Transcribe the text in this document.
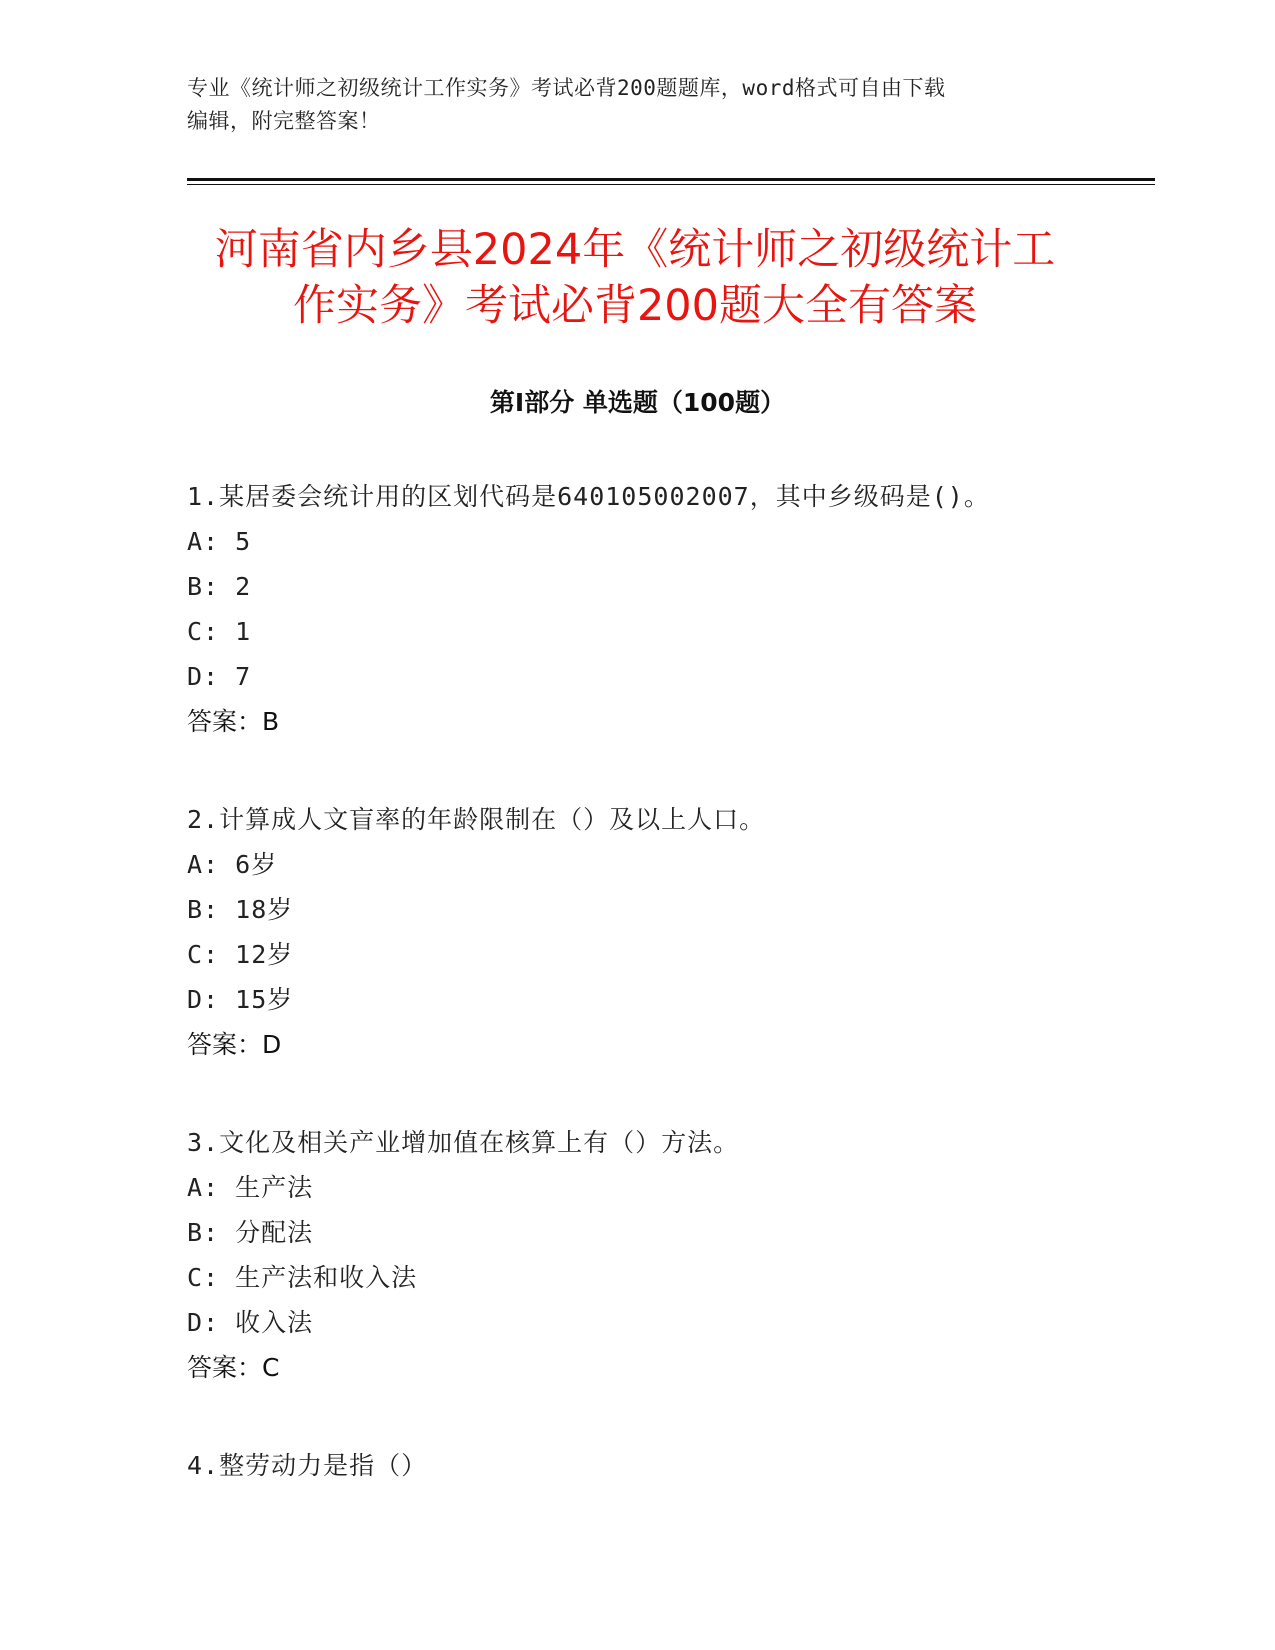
专业《统计师之初级统计工作实务》考试必背200题题库，word格式可自由下载
编辑，附完整答案！
河南省内乡县2024年《统计师之初级统计工
作实务》考试必背200题大全有答案
第Ⅰ部分 单选题（100题）
1.某居委会统计用的区划代码是640105002007，其中乡级码是()。
A: 5
B: 2
C: 1
D: 7
答案：B
2.计算成人文盲率的年龄限制在（）及以上人口。
A: 6岁
B: 18岁
C: 12岁
D: 15岁
答案：D
3.文化及相关产业增加值在核算上有（）方法。
A: 生产法
B: 分配法
C: 生产法和收入法
D: 收入法
答案：C
4.整劳动力是指（）
